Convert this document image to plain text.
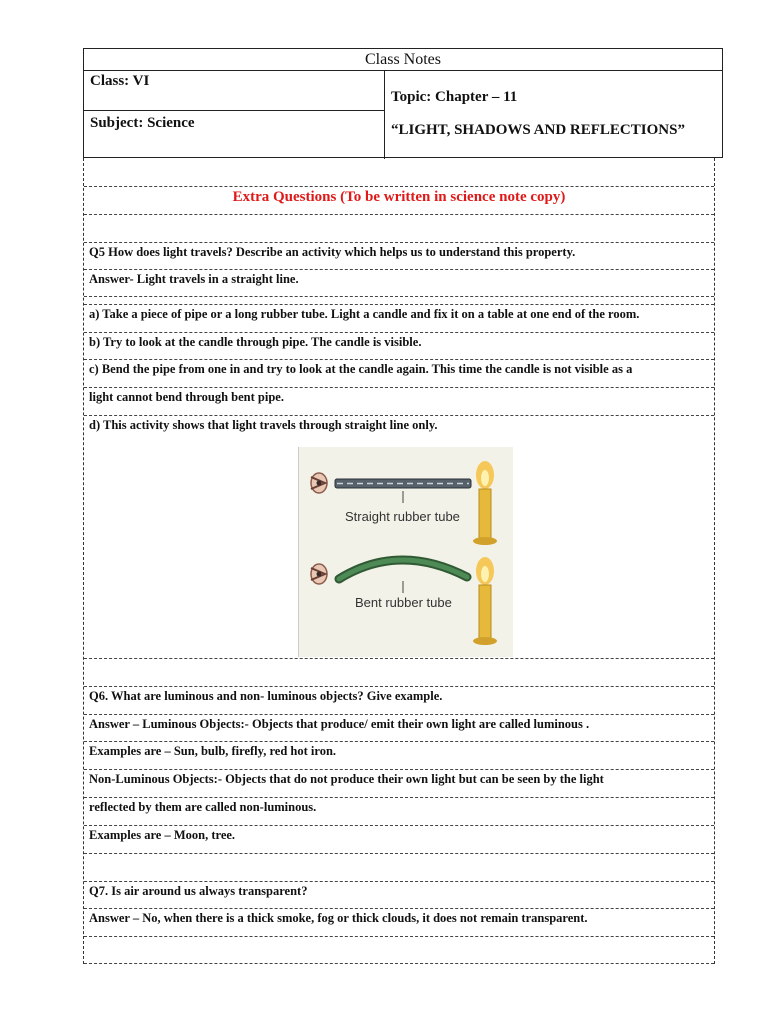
Class Notes
Class: VI
Subject: Science
Topic: Chapter – 11
“LIGHT, SHADOWS AND REFLECTIONS”
Extra Questions (To be written in science note copy)
Q5 How does light travels? Describe an activity which helps us to understand this property.
Answer- Light travels in a straight line.
a) Take a piece of pipe or a long rubber tube. Light a candle and fix it on a table at one end of the room.
b) Try to look at the candle through pipe. The candle is visible.
c) Bend the pipe from one in and try to look at the candle again. This time the candle is not visible as a
light cannot bend through bent pipe.
d) This activity shows that light travels through straight line only.
Q6. What are luminous and non- luminous objects? Give example.
Answer – Luminous Objects:- Objects that produce/ emit their own light are called luminous .
Examples are – Sun, bulb, firefly, red hot iron.
Non-Luminous Objects:- Objects that do not produce their own light but can be seen by the light
reflected by them are called non-luminous.
Examples are – Moon, tree.
Q7. Is air around us always transparent?
Answer – No, when there is a thick smoke, fog or thick clouds, it does not remain transparent.
Straight rubber tube
Bent rubber tube
